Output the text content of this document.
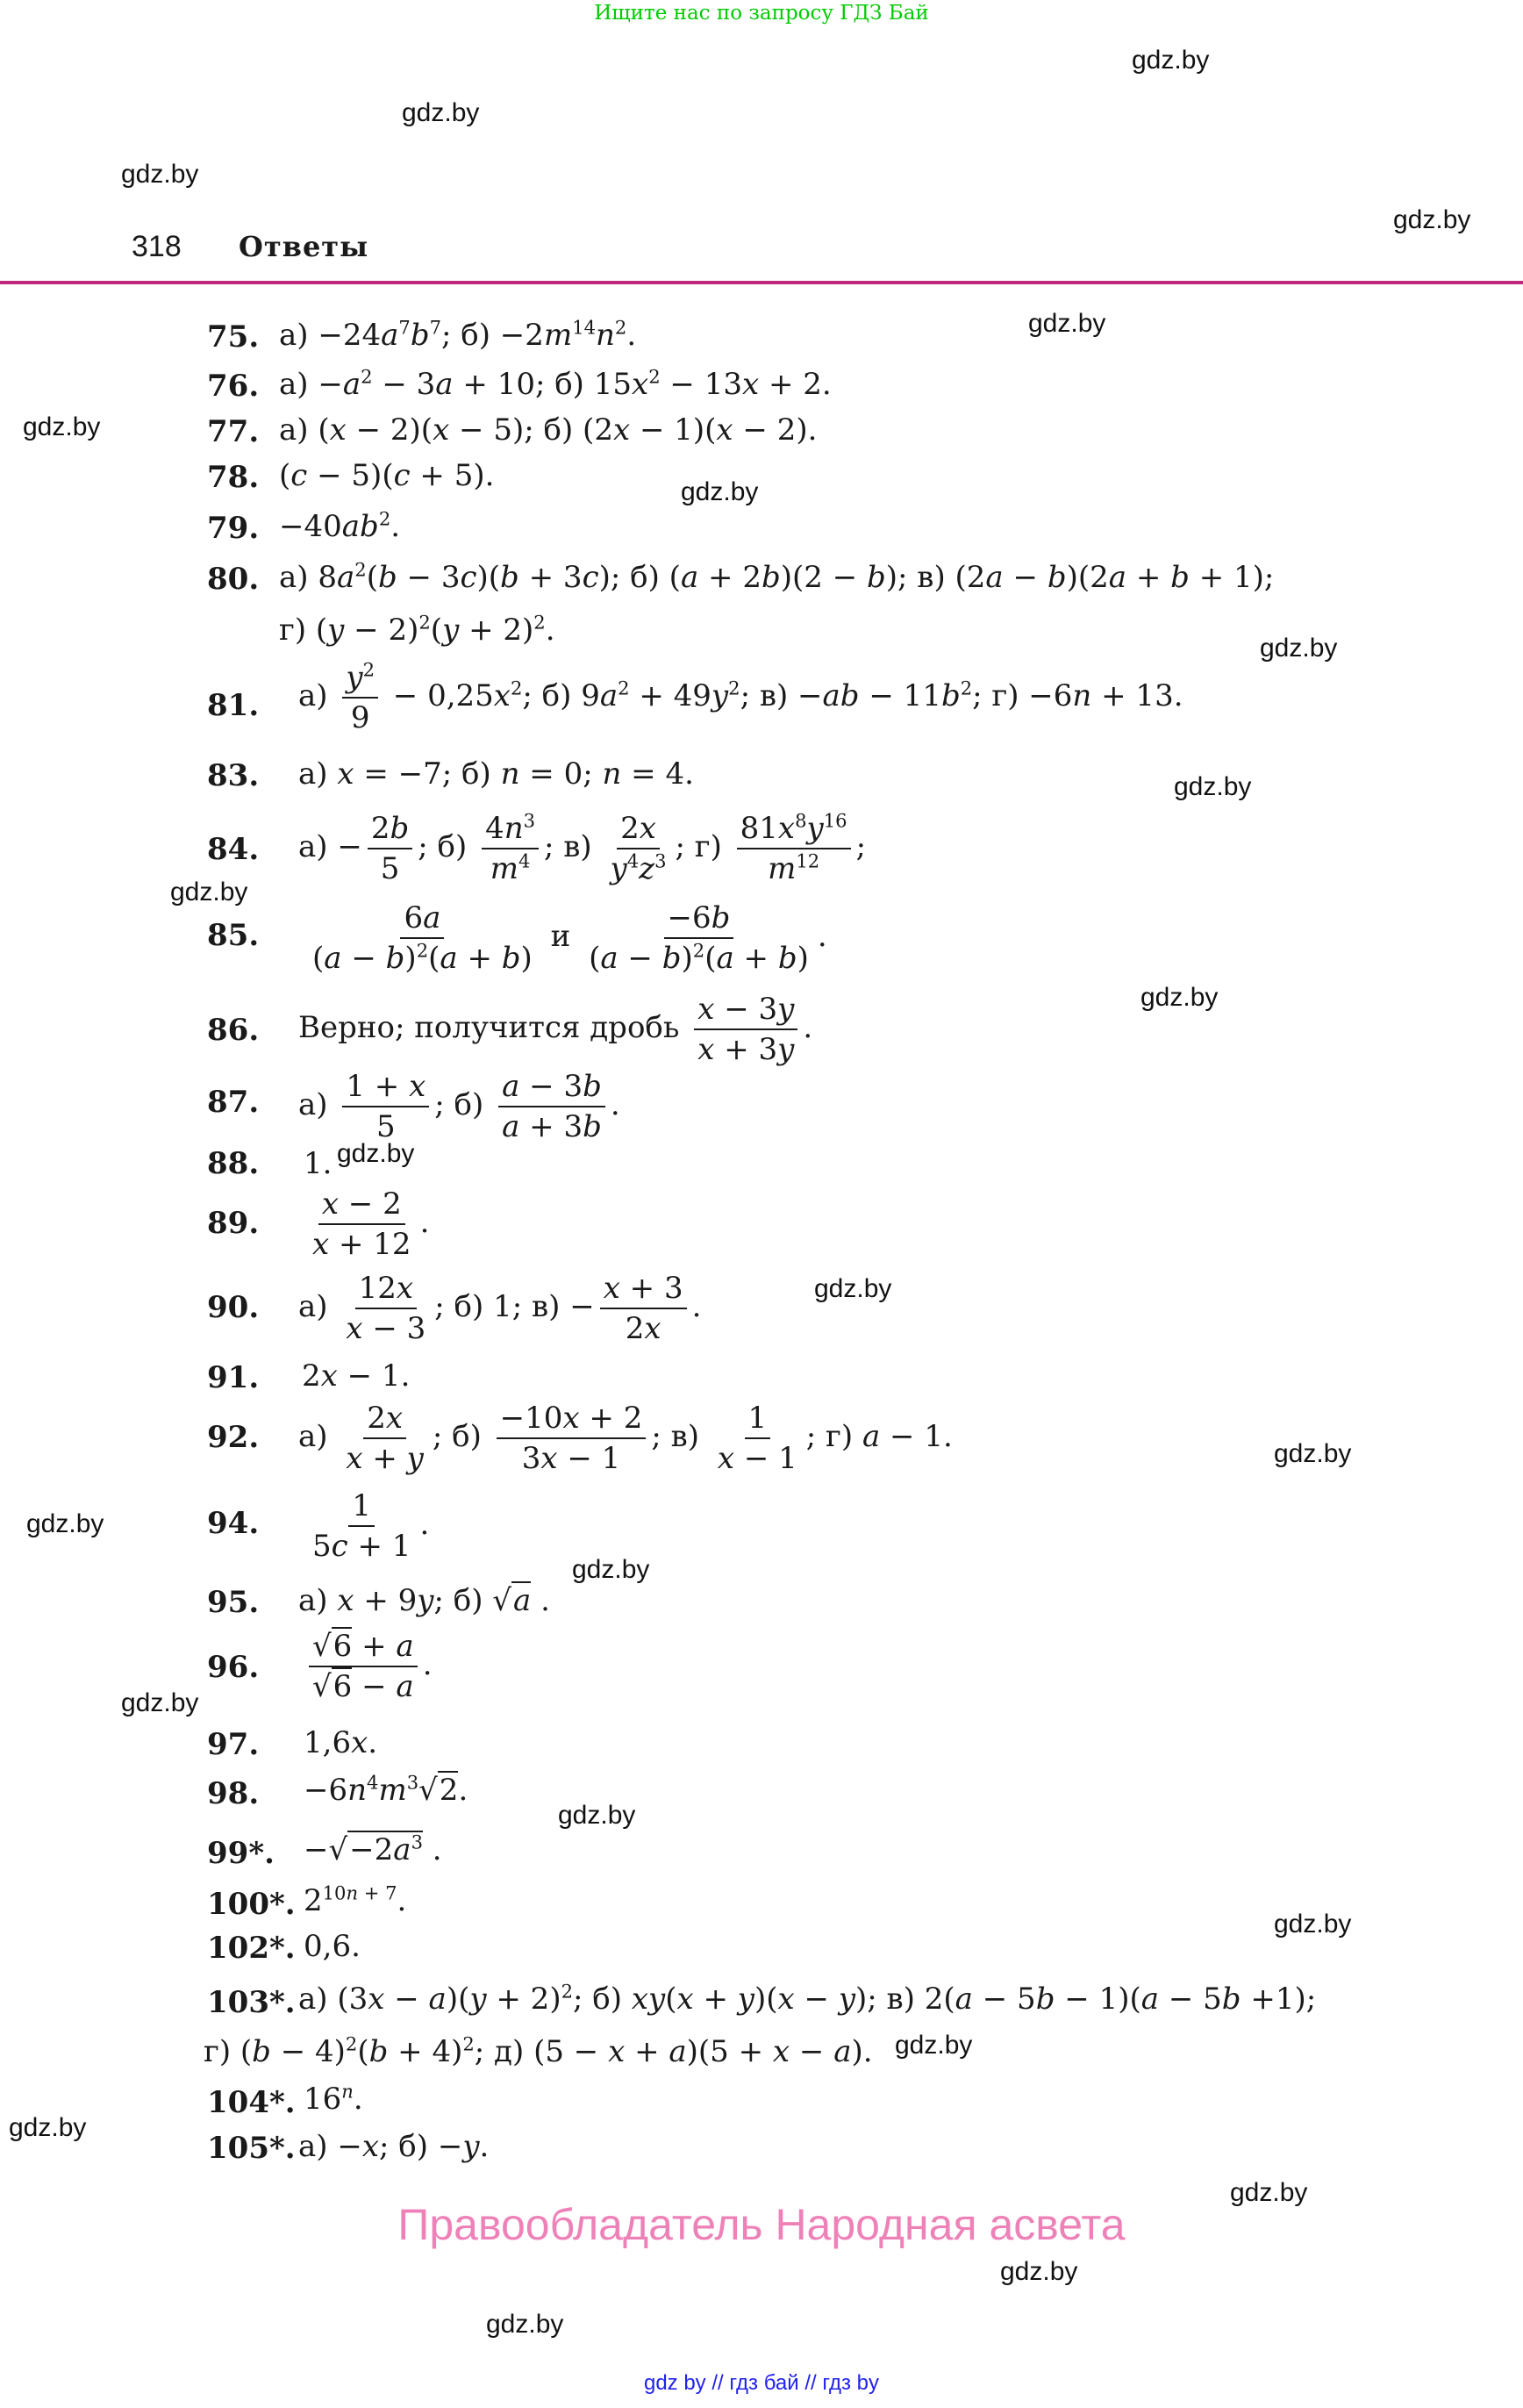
Ищите нас по запросу ГДЗ Бай
gdz.by
gdz.by
gdz.by
gdz.by
gdz.by
gdz.by
gdz.by
gdz.by
gdz.by
gdz.by
gdz.by
gdz.by
gdz.by
gdz.by
gdz.by
gdz.by
gdz.by
gdz.by
gdz.by
gdz.by
gdz.by
gdz.by
gdz.by
gdz.by
318 Ответы
75. $а) -24a^7b^7$; $б) -2m^{14}n^2$.
76. $а) -a^2 - 3a + 10$; б) $15x^2 - 13x + 2$.
77. а) (x − 2)(x − 5); б) (2x − 1)(x − 2).
78. (c − 5)(c + 5).
79. $-40ab^2$.
80. а) $8a^2(b - 3c)(b + 3c)$; б) (a + 2b)(2 − b); в) (2a − b)(2a + b + 1);
г) $(y - 2)^2(y + 2)^2$.
81. $а) \frac{y^2}{9} - 0,25x^2$; б) $9a^2 + 49y^2$; $в) -ab - 11b^2$; г) −6n + 13.
83. а) x = −7; б) n = 0; n = 4.
84. $а) - \frac{2b}{5}$ ; $б) \frac{4n^3}{m^4}$ ; $в) \frac{2x}{y^4z^3}$ ; $г) \frac{81x^8y^{16}}{m^{12}}$ ;
85. $\frac{6a}{(a - b)^2(a + b)}$ и $\frac{-6b}{(a - b)^2(a + b)}$ .
86. Верно; получится дробь $\frac{x - 3y}{x + 3y}$ .
87. $а) \frac{1 + x}{5}$ ; $б) \frac{a - 3b}{a + 3b}$ .
88. 1.
89. $\frac{x - 2}{x + 12}$ .
90. $а) \frac{12x}{x - 3}$ ; б) 1; $в) - \frac{x + 3}{2x}$ .
91. 2x − 1.
92. $а) \frac{2x}{x + y}$ ; $б) \frac{-10x + 2}{3x - 1}$ ; $в) \frac{1}{x - 1}$ ; г) a − 1.
94. $\frac{1}{5c + 1}$ .
95. а) x + 9y; б) √a .
96. $\frac{√6 + a}{√6 - a}$ .
97. 1,6x.
98. $-6n^4m^3√2$.
99*. $-√-2a^3$ .
100*. $2^{10n + 7}$.
102*. 0,6.
103*. а) $(3x - a)(y + 2)^2$; б) xy(x + y)(x − y); в) 2(a − 5b − 1)(a − 5b +1);
г) $(b - 4)^2(b + 4)^2$; д) (5 − x + a)(5 + x − a).
104*. 16$^n$.
105*. а) −x; б) −y.
Правообладатель Народная асвета
gdz by // гдз бай // гдз by
